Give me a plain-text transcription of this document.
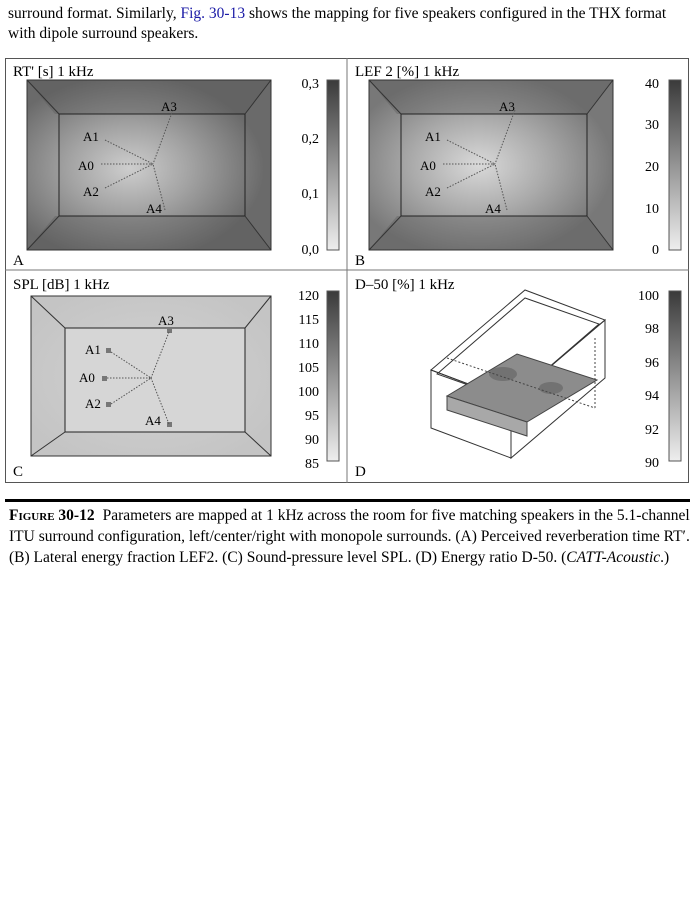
surround format. Similarly, Fig. 30-13 shows the mapping for five speakers configured in the THX format with dipole surround speakers.
RT' [s] 1 kHz
A
A1
A0
A2
A3
A4
0,3
0,2
0,1
0,0
LEF 2 [%] 1 kHz
B
A1
A0
A2
A3
A4
40
30
20
10
0
SPL [dB] 1 kHz
C
A1
A0
A2
A3
A4
120
115
110
105
100
95
90
85
D–50 [%] 1 kHz
D
100
98
96
94
92
90
Figure 30-12 Parameters are mapped at 1 kHz across the room for five matching speakers in the 5.1-channel ITU surround configuration, left/center/right with monopole surrounds. (A) Perceived reverberation time RT′. (B) Lateral energy fraction LEF2. (C) Sound-pressure level SPL. (D) Energy ratio D-50. (CATT-Acoustic.)
